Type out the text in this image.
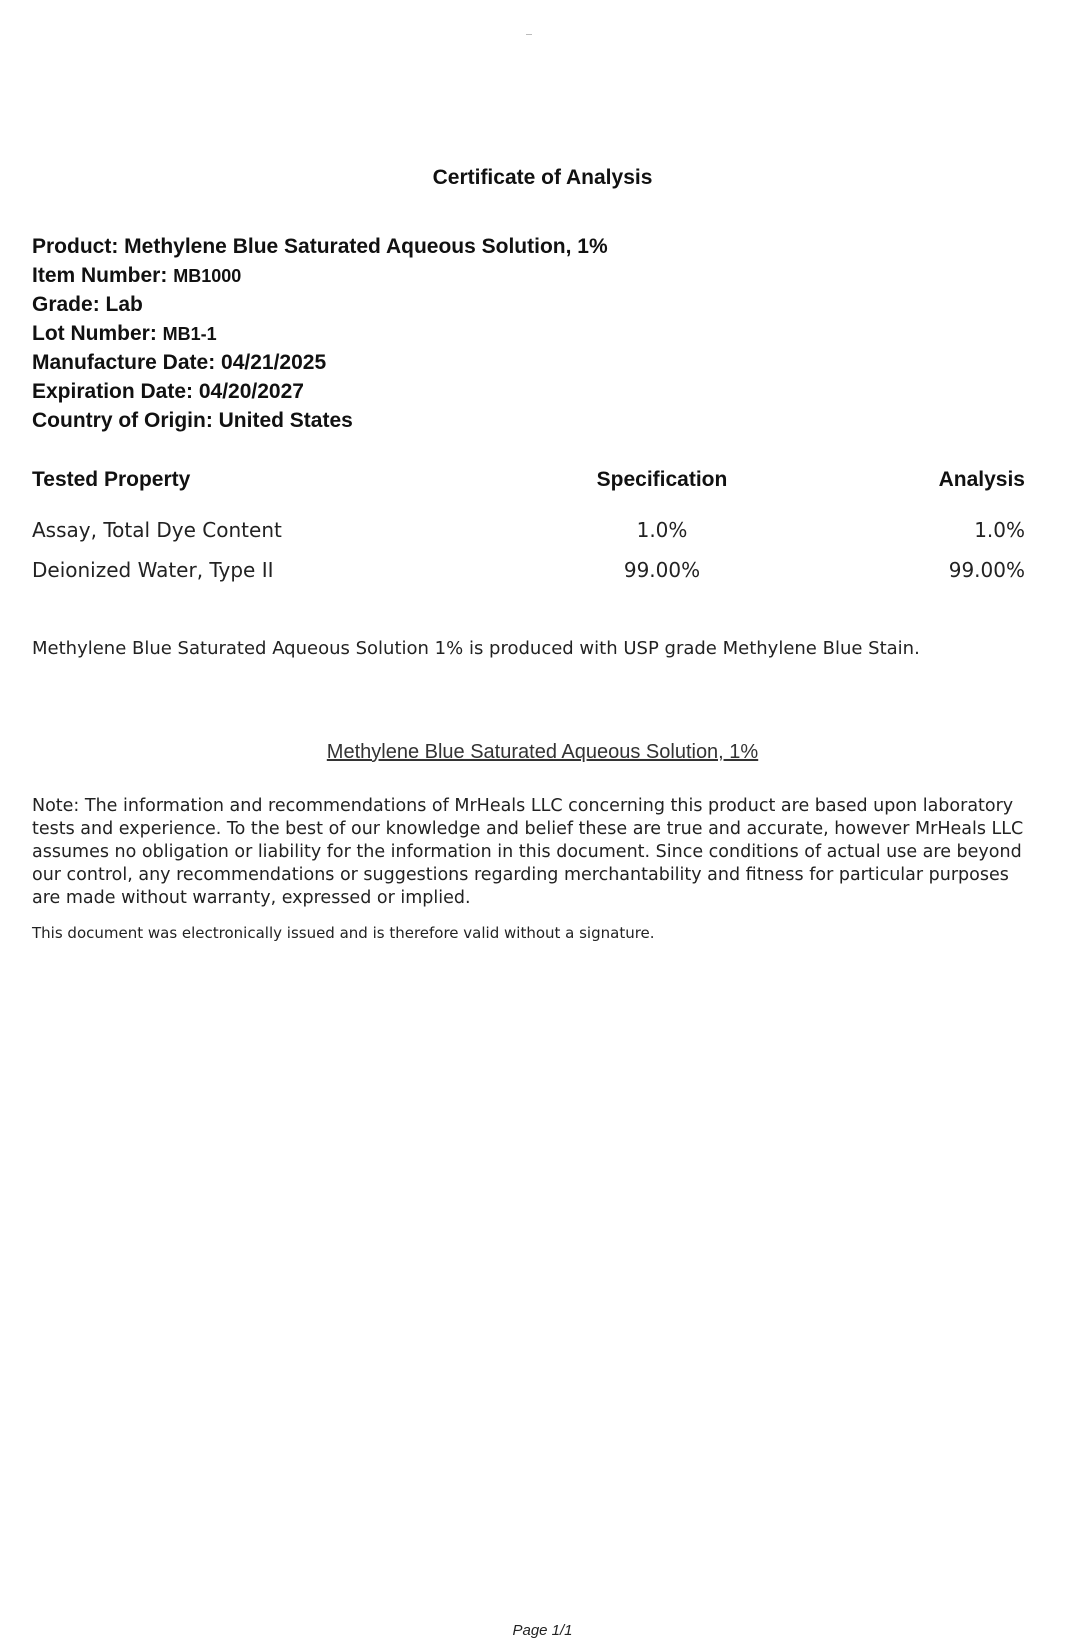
Certificate of Analysis
Product: Methylene Blue Saturated Aqueous Solution, 1%
Item Number: MB1000
Grade: Lab
Lot Number: MB1-1
Manufacture Date: 04/21/2025
Expiration Date: 04/20/2027
Country of Origin: United States
Tested Property	Specification	Analysis
Assay, Total Dye Content	1.0%	1.0%
Deionized Water, Type II	99.00%	99.00%
Methylene Blue Saturated Aqueous Solution 1% is produced with USP grade Methylene Blue Stain.
Methylene Blue Saturated Aqueous Solution, 1%
Note: The information and recommendations of MrHeals LLC concerning this product are based upon laboratory tests and experience. To the best of our knowledge and belief these are true and accurate, however MrHeals LLC assumes no obligation or liability for the information in this document. Since conditions of actual use are beyond our control, any recommendations or suggestions regarding merchantability and fitness for particular purposes are made without warranty, expressed or implied.
This document was electronically issued and is therefore valid without a signature.
Page 1/1
